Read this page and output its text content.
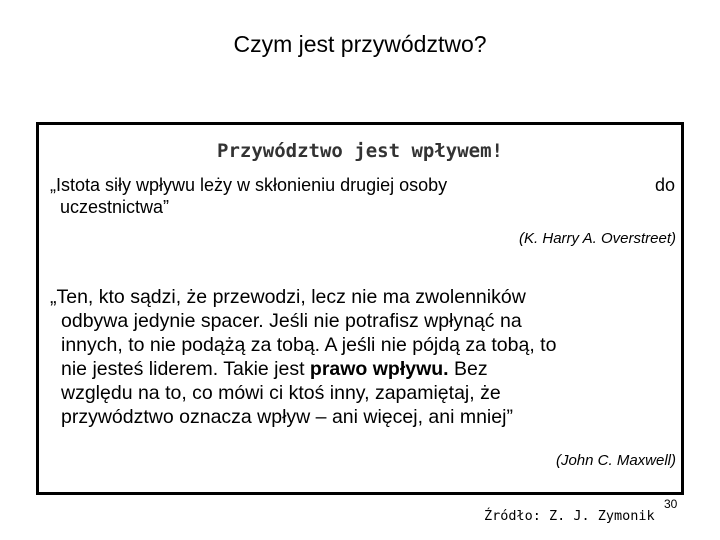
Czym jest przywództwo?
Przywództwo jest wpływem!
„Istota siły wpływu leży w skłonieniu drugiej osoby	do
uczestnictwa”
(K. Harry A. Overstreet)
„Ten, kto sądzi, że przewodzi, lecz nie ma zwolenników
odbywa jedynie spacer. Jeśli nie potrafisz wpłynąć na
innych, to nie podążą za tobą. A jeśli nie pójdą za tobą, to
nie jesteś liderem. Takie jest prawo wpływu. Bez
względu na to, co mówi ci ktoś inny, zapamiętaj, że
przywództwo oznacza wpływ – ani więcej, ani mniej”
(John C. Maxwell)
Źródło: Z. J. Zymonik
30
